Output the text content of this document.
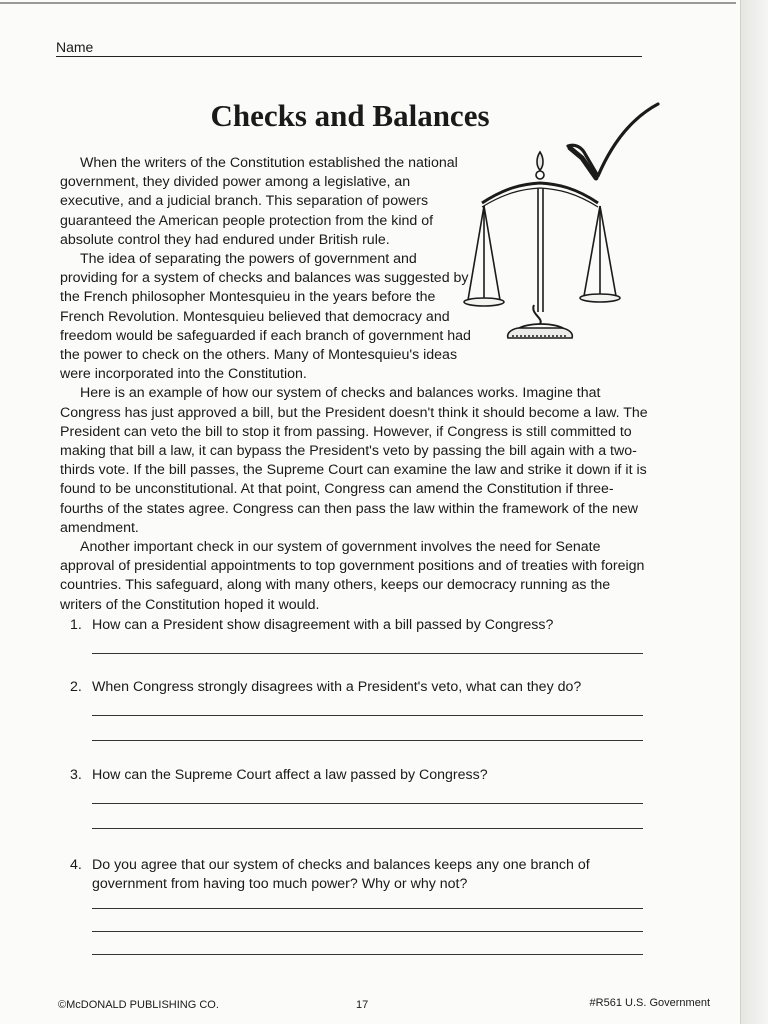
Name
Checks and Balances

When the writers of the Constitution established the national government, they divided power among a legislative, an executive, and a judicial branch. This separation of powers guaranteed the American people protection from the kind of absolute control they had endured under British rule.

The idea of separating the powers of government and providing for a system of checks and balances was suggested by the French philosopher Montesquieu in the years before the French Revolution. Montesquieu believed that democracy and freedom would be safeguarded if each branch of government had the power to check on the others. Many of Montesquieu's ideas were incorporated into the Constitution.

Here is an example of how our system of checks and balances works. Imagine that Congress has just approved a bill, but the President doesn't think it should become a law. The President can veto the bill to stop it from passing. However, if Congress is still committed to making that bill a law, it can bypass the President's veto by passing the bill again with a two-thirds vote. If the bill passes, the Supreme Court can examine the law and strike it down if it is found to be unconstitutional. At that point, Congress can amend the Constitution if three-fourths of the states agree. Congress can then pass the law within the framework of the new amendment.

Another important check in our system of government involves the need for Senate approval of presidential appointments to top government positions and of treaties with foreign countries. This safeguard, along with many others, keeps our democracy running as the writers of the Constitution hoped it would.

1. How can a President show disagreement with a bill passed by Congress?
2. When Congress strongly disagrees with a President's veto, what can they do?
3. How can the Supreme Court affect a law passed by Congress?
4. Do you agree that our system of checks and balances keeps any one branch of government from having too much power? Why or why not?
©McDONALD PUBLISHING CO.	17	#R561 U.S. Government
